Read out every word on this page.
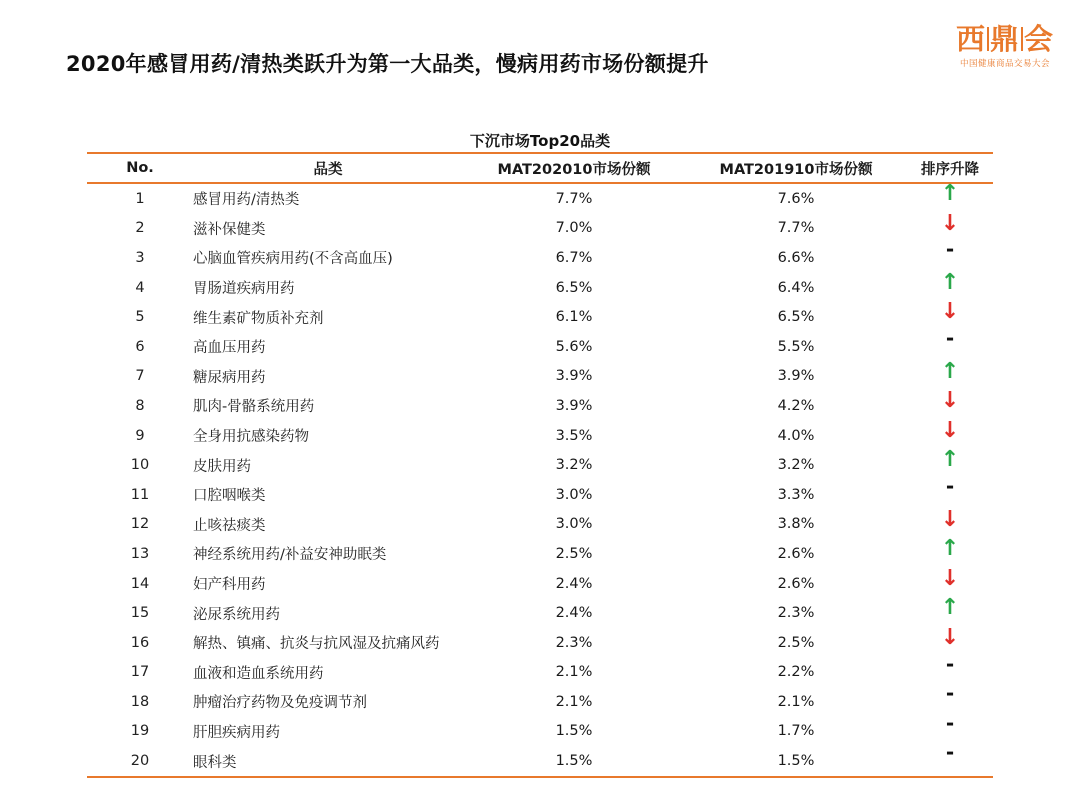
2020年感冒用药/清热类跃升为第一大品类，慢病用药市场份额提升
西 鼎 会
中国健康商品交易大会
下沉市场Top20品类
No.	品类	MAT202010市场份额	MAT201910市场份额	排序升降
1	感冒用药/清热类	7.7%	7.6%	↑
2	滋补保健类	7.0%	7.7%	↓
3	心脑血管疾病用药(不含高血压)	6.7%	6.6%	-
4	胃肠道疾病用药	6.5%	6.4%	↑
5	维生素矿物质补充剂	6.1%	6.5%	↓
6	高血压用药	5.6%	5.5%	-
7	糖尿病用药	3.9%	3.9%	↑
8	肌肉-骨骼系统用药	3.9%	4.2%	↓
9	全身用抗感染药物	3.5%	4.0%	↓
10	皮肤用药	3.2%	3.2%	↑
11	口腔咽喉类	3.0%	3.3%	-
12	止咳祛痰类	3.0%	3.8%	↓
13	神经系统用药/补益安神助眠类	2.5%	2.6%	↑
14	妇产科用药	2.4%	2.6%	↓
15	泌尿系统用药	2.4%	2.3%	↑
16	解热、镇痛、抗炎与抗风湿及抗痛风药	2.3%	2.5%	↓
17	血液和造血系统用药	2.1%	2.2%	-
18	肿瘤治疗药物及免疫调节剂	2.1%	2.1%	-
19	肝胆疾病用药	1.5%	1.7%	-
20	眼科类	1.5%	1.5%	-
